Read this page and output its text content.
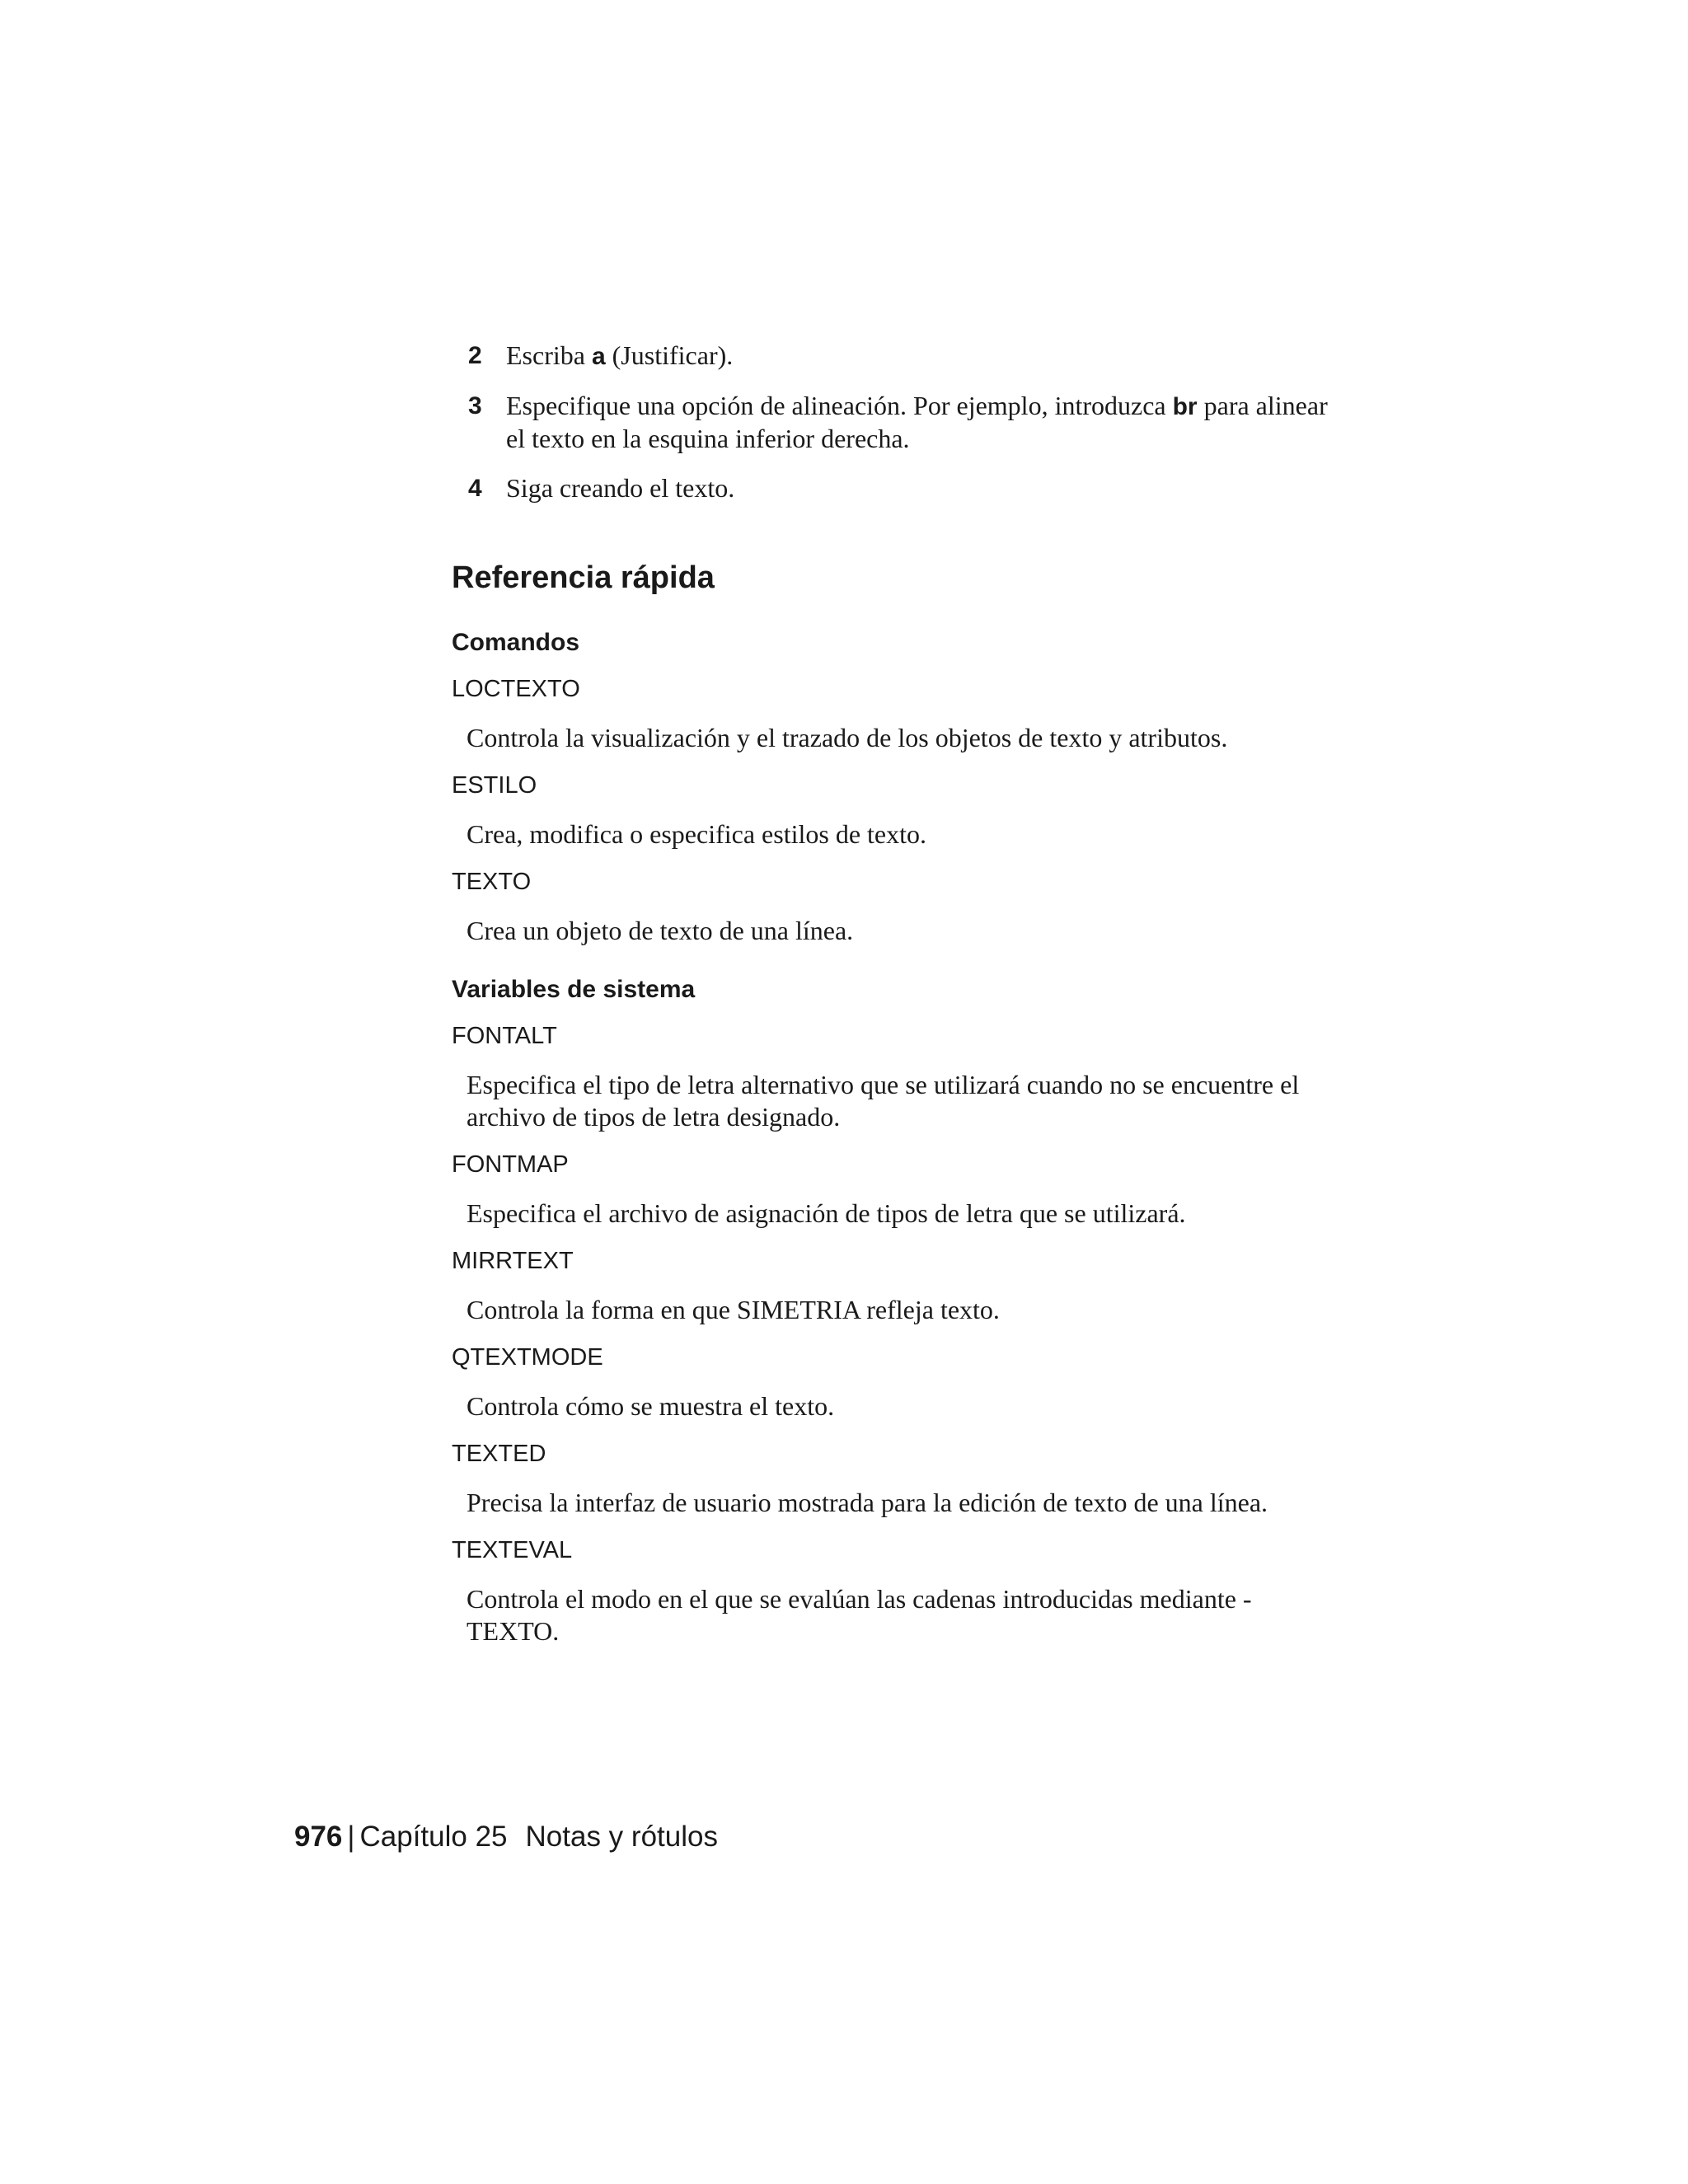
2 Escriba a (Justificar).
3 Especifique una opción de alineación. Por ejemplo, introduzca br para alinear el texto en la esquina inferior derecha.
4 Siga creando el texto.
Referencia rápida
Comandos
LOCTEXTO
Controla la visualización y el trazado de los objetos de texto y atributos.
ESTILO
Crea, modifica o especifica estilos de texto.
TEXTO
Crea un objeto de texto de una línea.
Variables de sistema
FONTALT
Especifica el tipo de letra alternativo que se utilizará cuando no se encuentre el archivo de tipos de letra designado.
FONTMAP
Especifica el archivo de asignación de tipos de letra que se utilizará.
MIRRTEXT
Controla la forma en que SIMETRIA refleja texto.
QTEXTMODE
Controla cómo se muestra el texto.
TEXTED
Precisa la interfaz de usuario mostrada para la edición de texto de una línea.
TEXTEVAL
Controla el modo en el que se evalúan las cadenas introducidas mediante -TEXTO.
976 | Capítulo 25 Notas y rótulos
